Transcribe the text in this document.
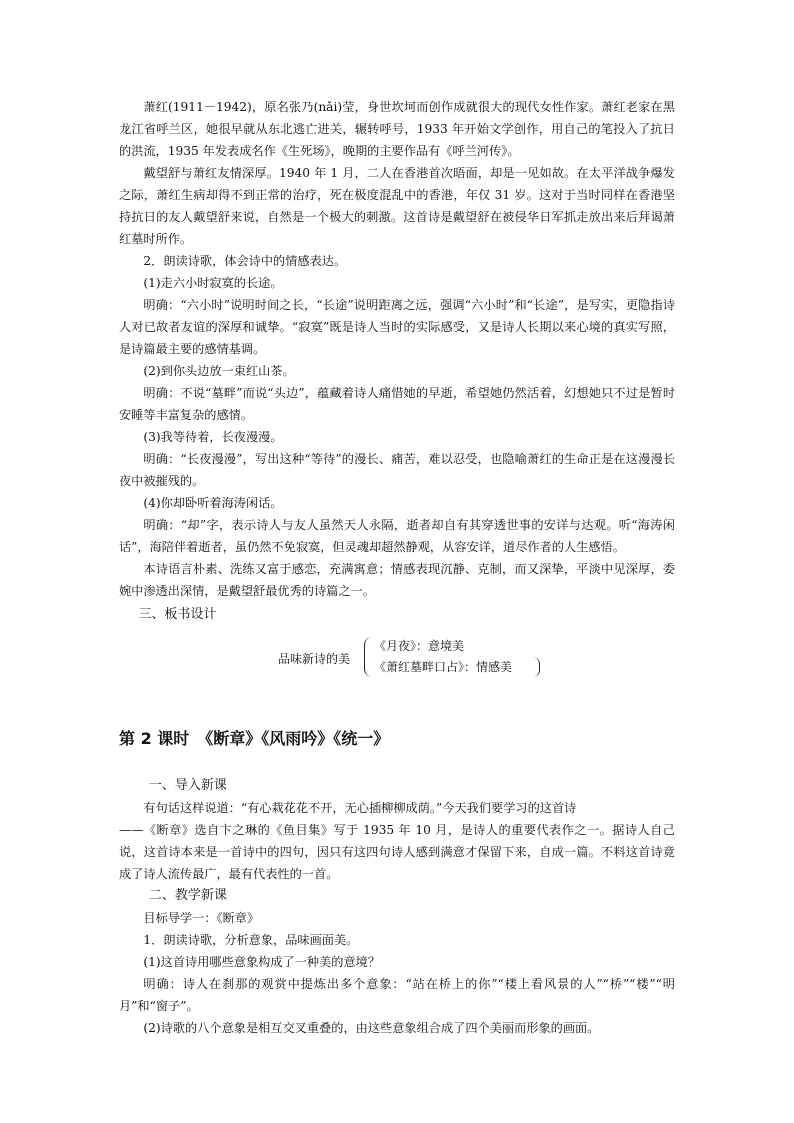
萧红(1911－1942)，原名张乃(nǎi)莹，身世坎坷而创作成就很大的现代女性作家。萧红老家在黑龙江省呼兰区，她很早就从东北逃亡进关，辗转呼号，1933 年开始文学创作，用自己的笔投入了抗日的洪流，1935 年发表成名作《生死场》，晚期的主要作品有《呼兰河传》。

戴望舒与萧红友情深厚。1940 年 1 月，二人在香港首次晤面，却是一见如故。在太平洋战争爆发之际，萧红生病却得不到正常的治疗，死在极度混乱中的香港，年仅 31 岁。这对于当时同样在香港坚持抗日的友人戴望舒来说，自然是一个极大的刺激。这首诗是戴望舒在被侵华日军抓走放出来后拜谒萧红墓时所作。

2．朗读诗歌，体会诗中的情感表达。

(1)走六小时寂寞的长途。

明确：“六小时”说明时间之长，“长途”说明距离之远，强调“六小时”和“长途”，是写实，更隐指诗人对已故者友谊的深厚和诚挚。“寂寞”既是诗人当时的实际感受，又是诗人长期以来心境的真实写照，是诗篇最主要的感情基调。

(2)到你头边放一束红山茶。

明确：不说“墓畔”而说“头边”，蕴藏着诗人痛惜她的早逝，希望她仍然活着，幻想她只不过是暂时安睡等丰富复杂的感情。

(3)我等待着，长夜漫漫。

明确：“长夜漫漫”，写出这种“等待”的漫长、痛苦，难以忍受，也隐喻萧红的生命正是在这漫漫长夜中被摧残的。

(4)你却卧听着海涛闲话。

明确：“却”字，表示诗人与友人虽然天人永隔，逝者却自有其穿透世事的安详与达观。听“海涛闲话”，海陪伴着逝者，虽仍然不免寂寞，但灵魂却超然静观，从容安详，道尽作者的人生感悟。

本诗语言朴素、洗练又富于感恋，充满寓意；情感表现沉静、克制，而又深挚，平淡中见深厚，委婉中渗透出深情，是戴望舒最优秀的诗篇之一。

三、板书设计

品味新诗的美
《月夜》：意境美
《萧红墓畔口占》：情感美
第 2 课时　《断章》《风雨吟》《统一》

一、导入新课

有句话这样说道：“有心栽花花不开，无心插柳柳成荫。”今天我们要学习的这首诗

——《断章》选自卞之琳的《鱼目集》写于 1935 年 10 月，是诗人的重要代表作之一。据诗人自己说，这首诗本来是一首诗中的四句，因只有这四句诗人感到满意才保留下来，自成一篇。不料这首诗竟成了诗人流传最广，最有代表性的一首。

二、教学新课

目标导学一：《断章》

1．朗读诗歌，分析意象，品味画面美。

(1)这首诗用哪些意象构成了一种美的意境？

明确：诗人在刹那的观赏中提炼出多个意象：“站在桥上的你”“楼上看风景的人”“桥”“楼”“明月”和“窗子”。

(2)诗歌的八个意象是相互交叉重叠的，由这些意象组合成了四个美丽而形象的画面。
